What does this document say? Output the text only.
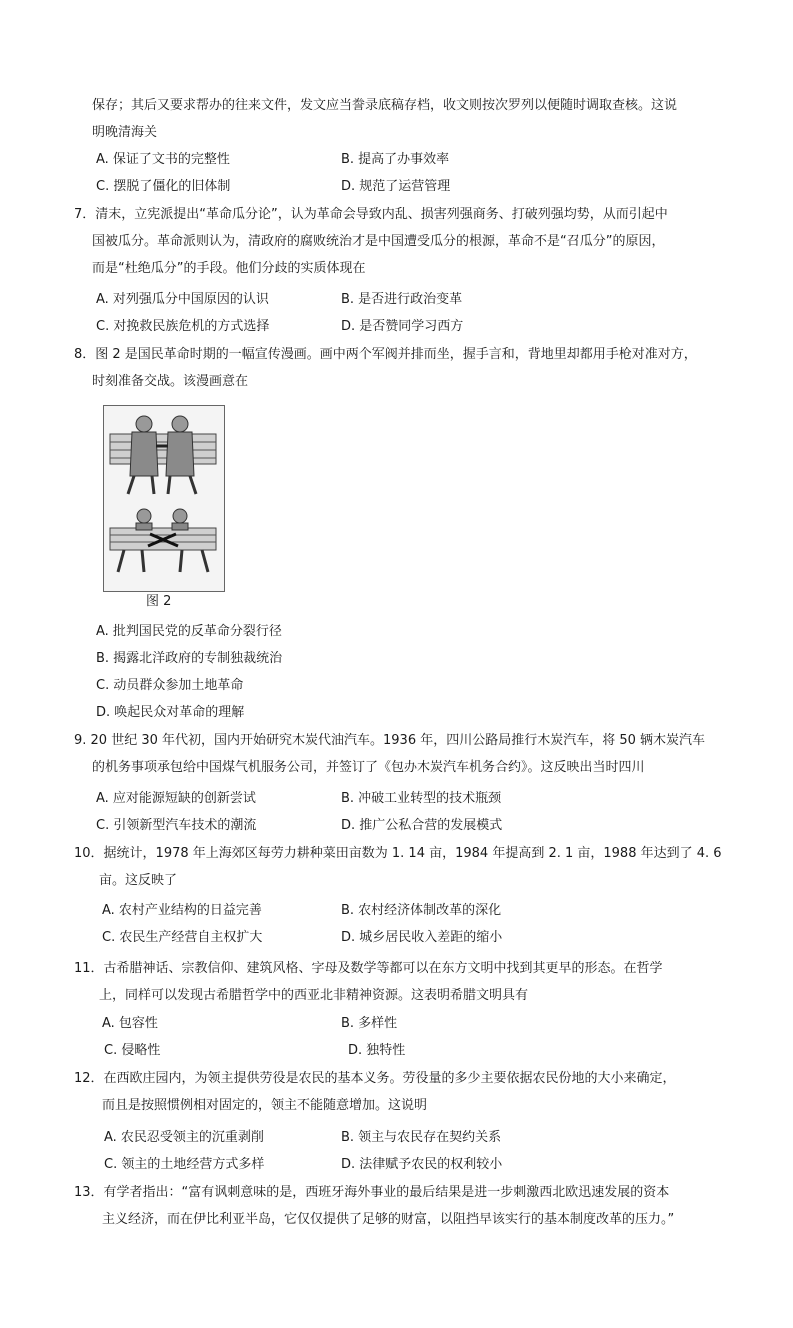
保存；其后又要求帮办的往来文件，发文应当誊录底稿存档，收文则按次罗列以便随时调取查核。这说
明晚清海关
A. 保证了文书的完整性	B. 提高了办事效率
C. 摆脱了僵化的旧体制	D. 规范了运营管理
7．清末，立宪派提出“革命瓜分论”，认为革命会导致内乱、损害列强商务、打破列强均势，从而引起中
国被瓜分。革命派则认为，清政府的腐败统治才是中国遭受瓜分的根源，革命不是“召瓜分”的原因，
而是“杜绝瓜分”的手段。他们分歧的实质体现在
A. 对列强瓜分中国原因的认识	B. 是否进行政治变革
C. 对挽救民族危机的方式选择	D. 是否赞同学习西方
8．图 2 是国民革命时期的一幅宣传漫画。画中两个军阀并排而坐，握手言和，背地里却都用手枪对准对方，
时刻准备交战。该漫画意在
图 2
A. 批判国民党的反革命分裂行径
B. 揭露北洋政府的专制独裁统治
C. 动员群众参加土地革命
D. 唤起民众对革命的理解
9. 20 世纪 30 年代初，国内开始研究木炭代油汽车。1936 年，四川公路局推行木炭汽车，将 50 辆木炭汽车
的机务事项承包给中国煤气机服务公司，并签订了《包办木炭汽车机务合约》。这反映出当时四川
A. 应对能源短缺的创新尝试	B. 冲破工业转型的技术瓶颈
C. 引领新型汽车技术的潮流	D. 推广公私合营的发展模式
10．据统计，1978 年上海郊区每劳力耕种菜田亩数为 1. 14 亩，1984 年提高到 2. 1 亩，1988 年达到了 4. 6
亩。这反映了
A. 农村产业结构的日益完善	B. 农村经济体制改革的深化
C. 农民生产经营自主权扩大	D. 城乡居民收入差距的缩小
11．古希腊神话、宗教信仰、建筑风格、字母及数学等都可以在东方文明中找到其更早的形态。在哲学
上，同样可以发现古希腊哲学中的西亚北非精神资源。这表明希腊文明具有
A. 包容性	B. 多样性
C. 侵略性	D. 独特性
12．在西欧庄园内，为领主提供劳役是农民的基本义务。劳役量的多少主要依据农民份地的大小来确定，
而且是按照惯例相对固定的，领主不能随意增加。这说明
A. 农民忍受领主的沉重剥削	B. 领主与农民存在契约关系
C. 领主的土地经营方式多样	D. 法律赋予农民的权利较小
13．有学者指出：“富有讽刺意味的是，西班牙海外事业的最后结果是进一步刺激西北欧迅速发展的资本
主义经济，而在伊比利亚半岛，它仅仅提供了足够的财富，以阻挡早该实行的基本制度改革的压力。”
